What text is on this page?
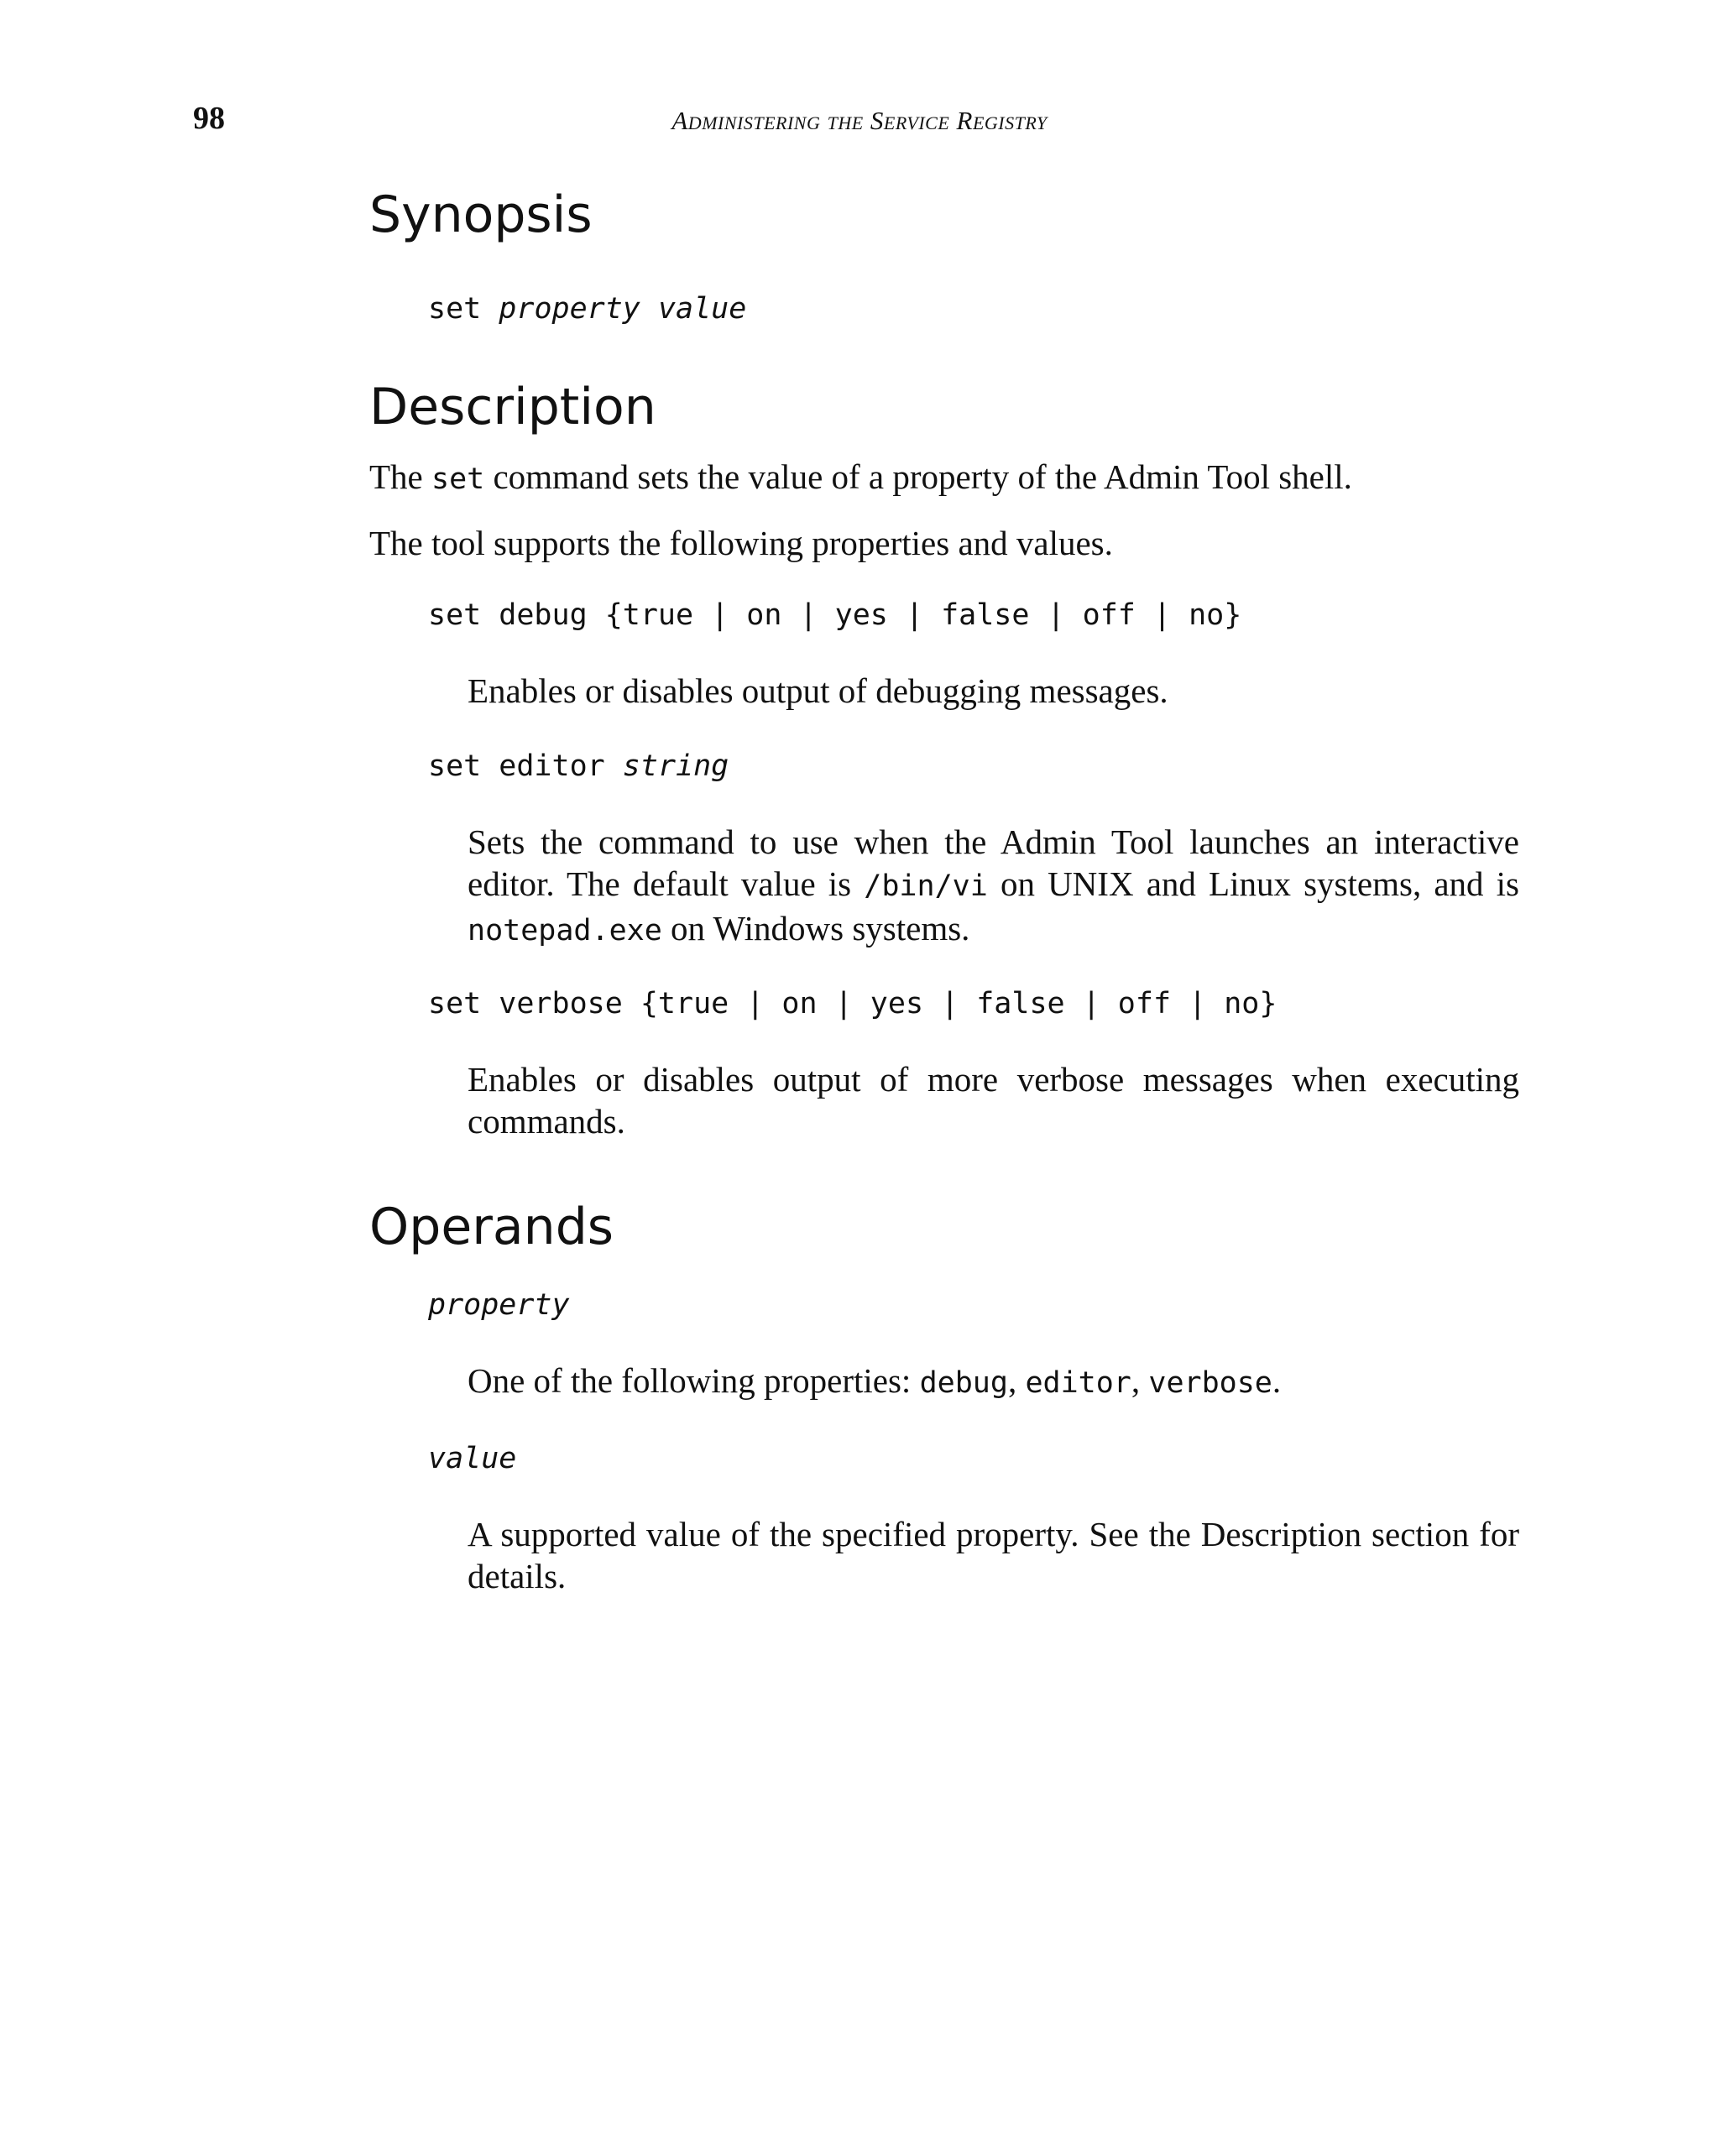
98	Administering the Service Registry
Synopsis
set property value
Description

The set command sets the value of a property of the Admin Tool shell.

The tool supports the following properties and values.

set debug {true | on | yes | false | off | no}

Enables or disables output of debugging messages.

set editor string

Sets the command to use when the Admin Tool launches an interactive editor. The default value is /bin/vi on UNIX and Linux systems, and is notepad.exe on Windows systems.

set verbose {true | on | yes | false | off | no}

Enables or disables output of more verbose messages when executing commands.

Operands
property

One of the following properties: debug, editor, verbose.

value

A supported value of the specified property. See the Description section for details.
